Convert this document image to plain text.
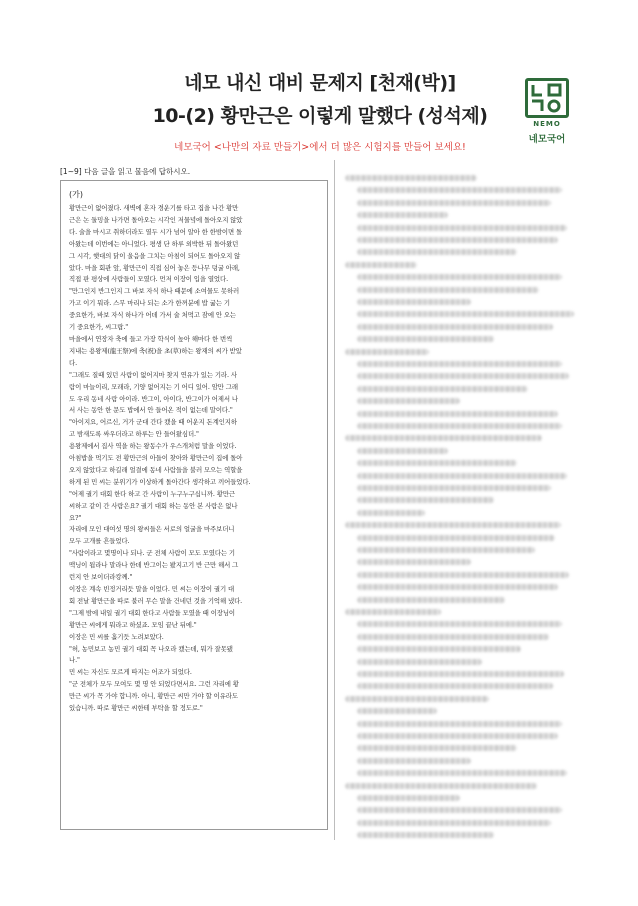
네모 내신 대비 문제지 [천재(박)]
10-(2) 황만근은 이렇게 말했다 (성석제)
네모국어 <나만의 자료 만들기>에서 더 많은 시험지를 만들어 보세요!
NEMO
네모국어
[1~9] 다음 글을 읽고 물음에 답하시오.
(가)
황만근이 없어졌다. 새벽에 혼자 경운기를 타고 집을 나간 황만
근은 논 둘밍을 나가면 돌아오는 시각인 저물녘에 돌아오지 않았
다. 술을 마시고 취하더라도 열두 시가 넘어 알아 한 한밤이면 돌
아왔는데 이번에는 아니었다. 평생 단 하루 외박한 뒤 돌아왔던
그 시각, 햇대의 닭이 울음을 그치는 아침이 되어도 돌아오지 않
았다. 마을 회관 앞, 황만근이 직접 심어 놓은 등나무 덩굴 아래,
직접 판 평상에 사람들이 모였다. 먼저 이장이 입을 열었다.
"만그인지 반그인지 그 바보 자식 하나 때문에 소여물도 못하러
가고 이기 뭐라. 스무 마리나 되는 소가 한꺼분에 밥 굶는 기
중요한가, 바보 자식 하나가 어데 가서 술 처먹고 잠에 안 오는
기 중요한가, 씨그랍."
마을에서 연장자 축에 들고 가장 학식이 높아 해마다 한 번씩
지내는 용왕제(龍王祭)에 축(祝)을 초(草)하는 왕재의 씨가 받았
다.
"그래도 질때 있던 사람이 없어지마 찾지 연유가 있는 기라. 사
람이 마늘이리, 모래라, 기양 없어지는 기 어디 있어. 암만 그래
도 우리 동네 사람 아이라. 반그이, 아이다, 반그이가 어제서 나
서 사는 동안 한 문도 밥에서 안 들어온 적이 없는데 말이다."
"아이지요, 어르신, 거가 군대 간다 캤을 때 어운지 돈계인지하
고 밤새도록 싸우더라고 하루는 안 들어왔심더."
용왕제에서 집사 역을 하는 왕동수가 우스개처럼 말을 이었다.
아침밥을 먹기도 전 황만근의 아들이 찾아와 황만근이 집에 돌아
오지 않았다고 하길래 얼결에 동네 사람들을 불러 모으는 역할을
하게 된 민 씨는 분위기가 이상하게 돌아간다 생각하고 끼어들었다.
"어제 궐기 대회 한다 하고 간 사람이 누구누구십니까. 황만근
씨하고 같이 간 사람은요? 궐기 대회 하는 동안 본 사람은 없나
요?"
자리에 모인 대여섯 명의 왕씨들은 서로의 얼굴을 마주보더니
모두 고개를 흔들었다.
"사람이라고 몇명이나 되나. 군 전체 사람이 모도 모였다는 기
맥닝이 됩라나 말라나 한데 반그이는 봤지고기 반 근만 해서 그
런지 안 보이더라캉께."
이장은 계속 빈정거리듯 말을 이었다. 민 씨는 이장이 궐기 대
회 전날 황만근을 따로 불러 무슨 말을 건네던 것을 기억해 냈다.
"그제 밤에 내일 궐기 대회 한다고 사람들 모였을 때 이장님이
황만근 씨에게 뭐라고 하셨죠. 모임 끝난 뒤에."
이장은 민 씨를 흘기듯 노려보았다.
"허, 농민보고 농민 궐기 대회 꼭 나오라 캤는데, 뭐가 잘못됐
나."
민 씨는 자신도 모르게 따지는 어조가 되었다.
"군 전체가 모두 모여도 몇 명 안 되었다면서요. 그런 자리에 황
만근 씨가 꼭 가야 합니까. 아니, 황만근 씨만 가야 할 이유라도
있습니까. 따로 황만근 씨한테 부탁을 할 정도로."
